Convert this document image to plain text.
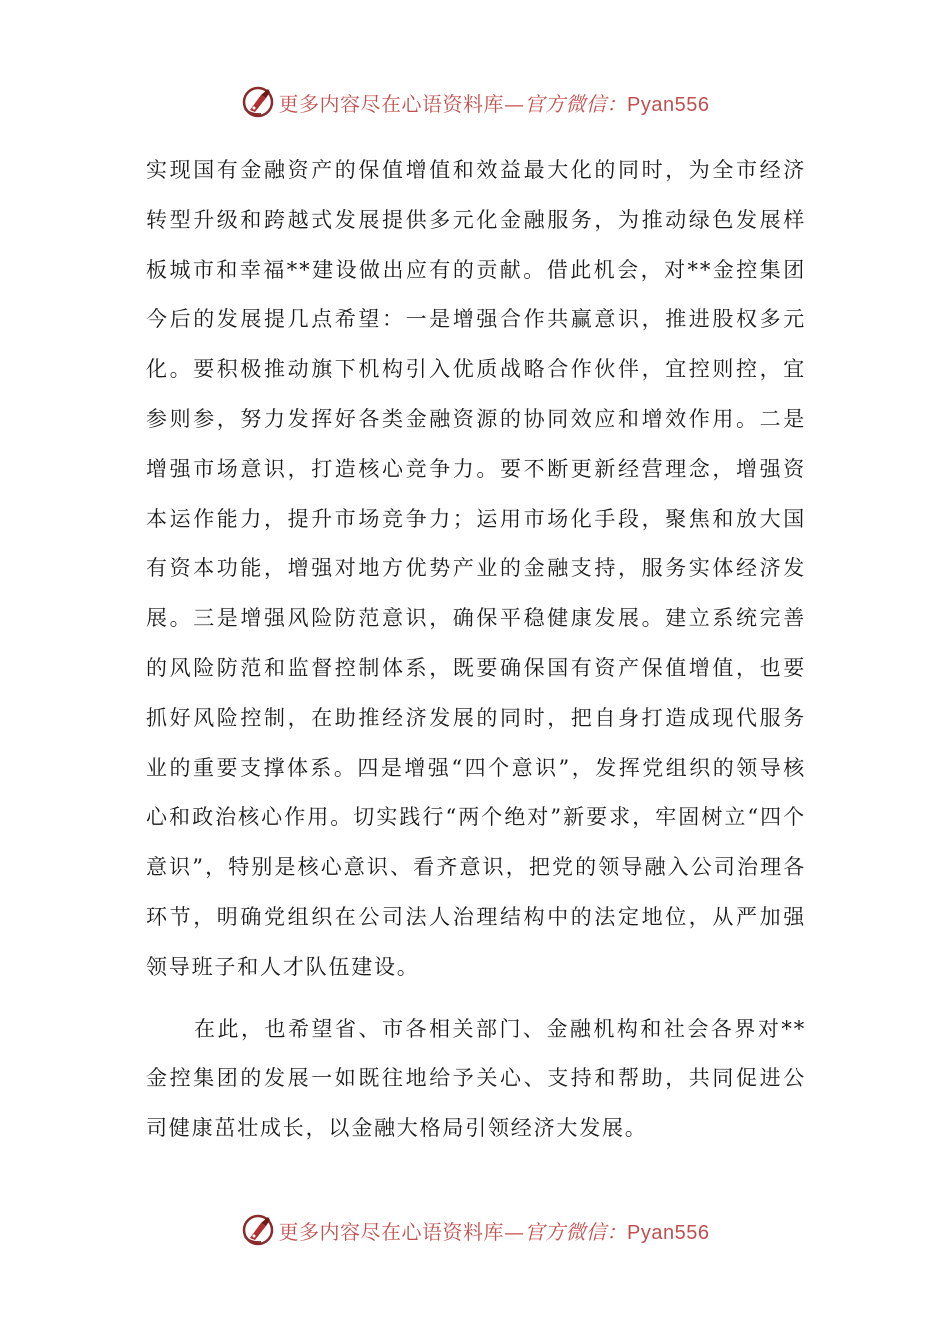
更多内容尽在心语资料库—官方微信：Pyan556

实现国有金融资产的保值增值和效益最大化的同时，为全市经济转型升级和跨越式发展提供多元化金融服务，为推动绿色发展样板城市和幸福**建设做出应有的贡献。借此机会，对**金控集团今后的发展提几点希望：一是增强合作共赢意识，推进股权多元化。要积极推动旗下机构引入优质战略合作伙伴，宜控则控，宜参则参，努力发挥好各类金融资源的协同效应和增效作用。二是增强市场意识，打造核心竞争力。要不断更新经营理念，增强资本运作能力，提升市场竞争力；运用市场化手段，聚焦和放大国有资本功能，增强对地方优势产业的金融支持，服务实体经济发展。三是增强风险防范意识，确保平稳健康发展。建立系统完善的风险防范和监督控制体系，既要确保国有资产保值增值，也要抓好风险控制，在助推经济发展的同时，把自身打造成现代服务业的重要支撑体系。四是增强“四个意识”，发挥党组织的领导核心和政治核心作用。切实践行“两个绝对”新要求，牢固树立“四个意识”，特别是核心意识、看齐意识，把党的领导融入公司治理各环节，明确党组织在公司法人治理结构中的法定地位，从严加强领导班子和人才队伍建设。

在此，也希望省、市各相关部门、金融机构和社会各界对**金控集团的发展一如既往地给予关心、支持和帮助，共同促进公司健康茁壮成长，以金融大格局引领经济大发展。

更多内容尽在心语资料库—官方微信：Pyan556
